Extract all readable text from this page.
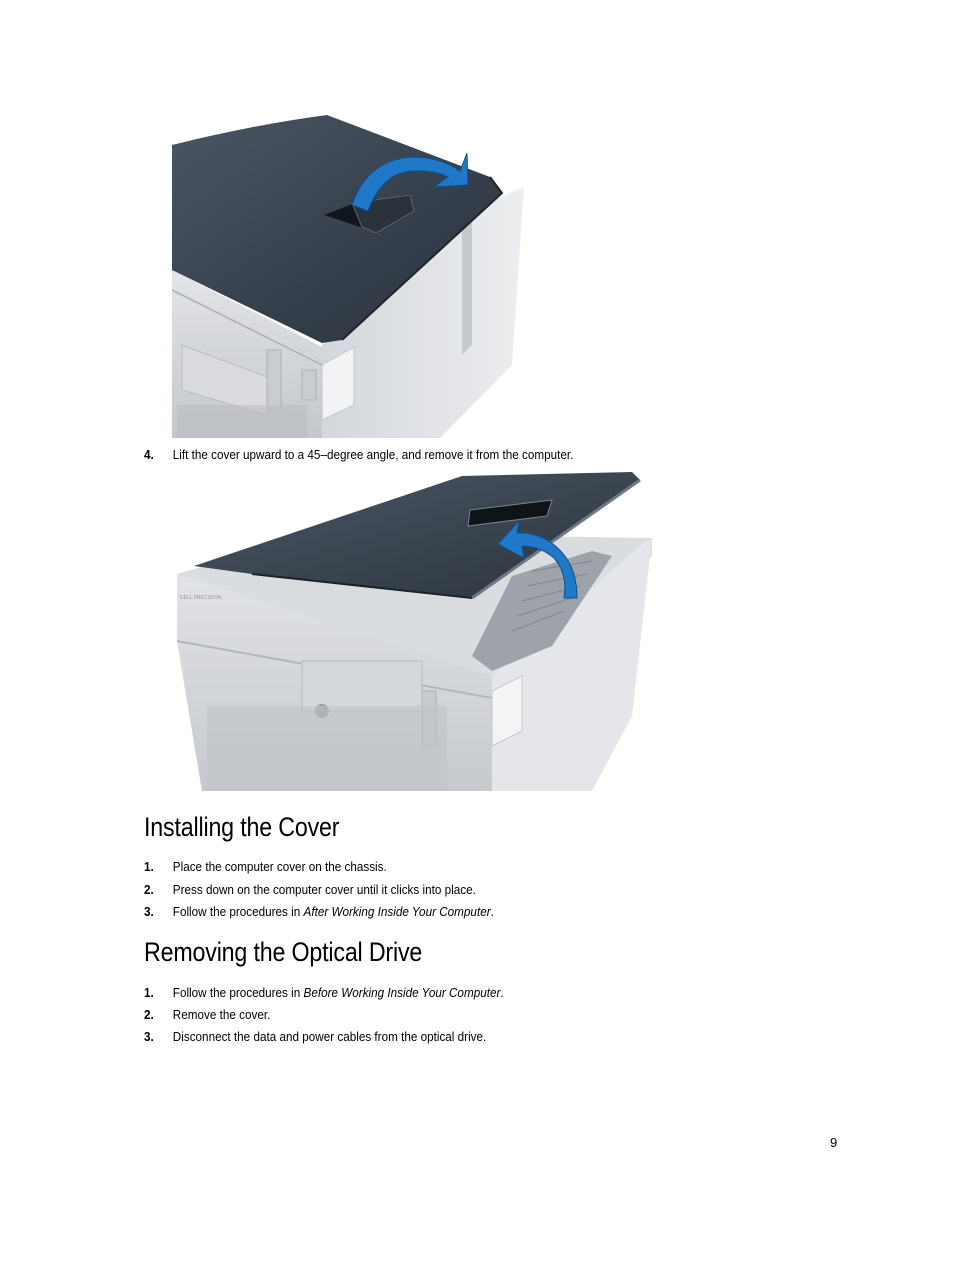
4. Lift the cover upward to a 45–degree angle, and remove it from the computer.
DELL PRECISION
Installing the Cover
1. Place the computer cover on the chassis.
2. Press down on the computer cover until it clicks into place.
3. Follow the procedures in After Working Inside Your Computer.
Removing the Optical Drive
1. Follow the procedures in Before Working Inside Your Computer.
2. Remove the cover.
3. Disconnect the data and power cables from the optical drive.
9
